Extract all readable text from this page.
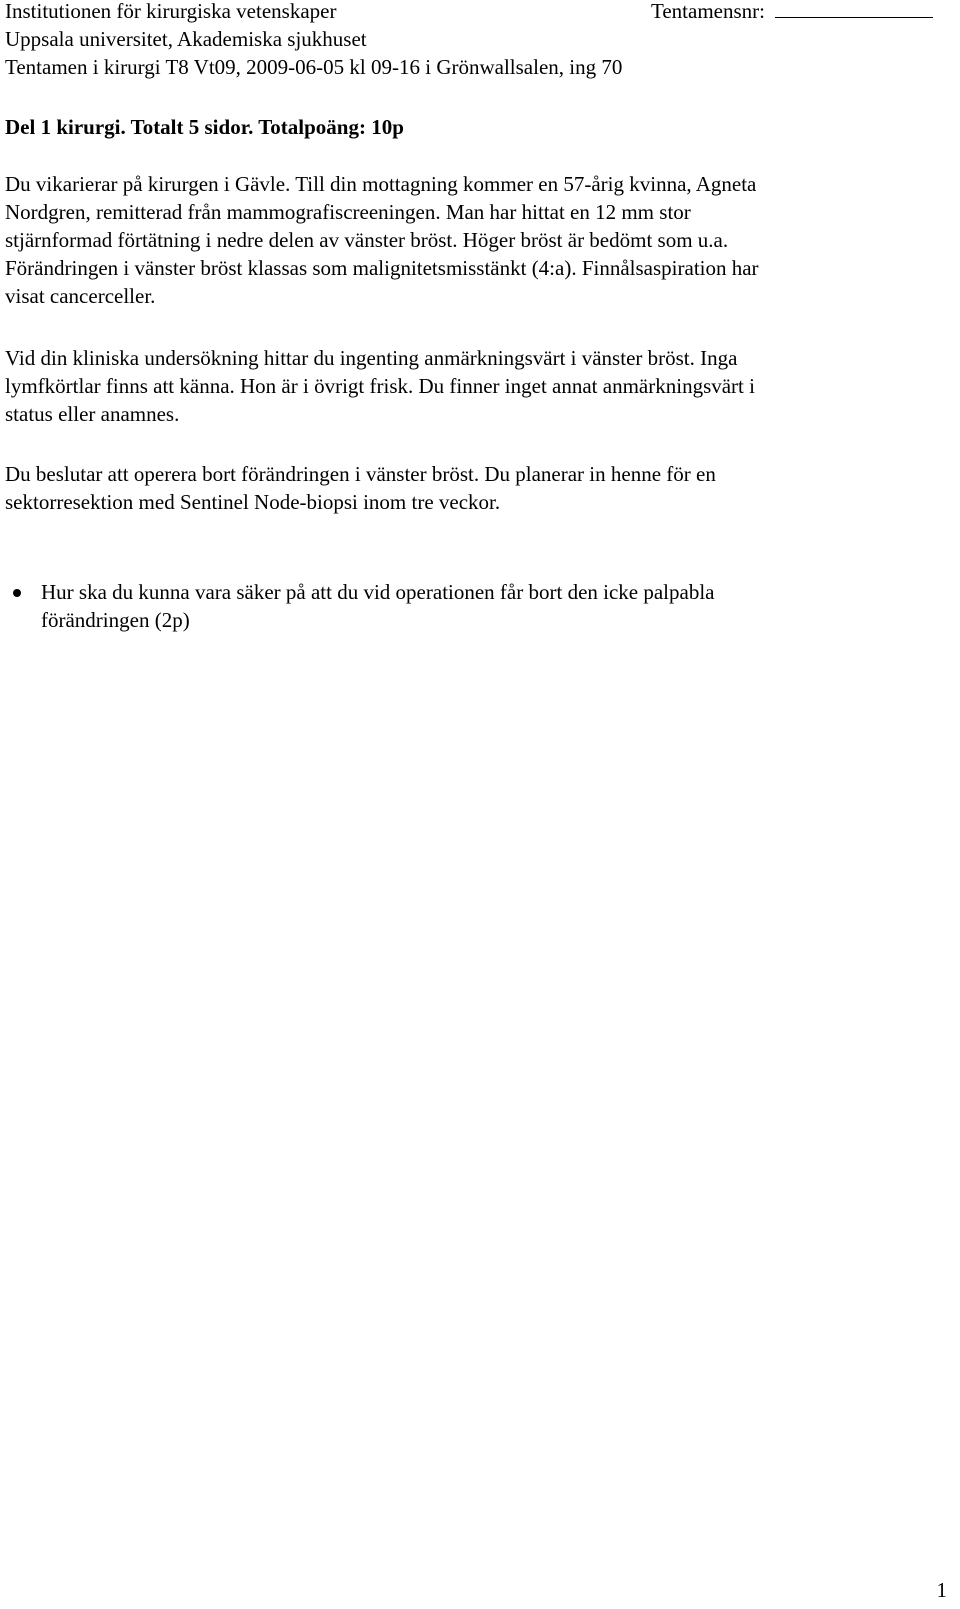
Institutionen för kirurgiska vetenskaper
Uppsala universitet, Akademiska sjukhuset
Tentamen i kirurgi T8 Vt09, 2009-06-05 kl 09-16 i Grönwallsalen, ing 70
Tentamensnr:
Del 1 kirurgi. Totalt 5 sidor. Totalpoäng: 10p
Du vikarierar på kirurgen i Gävle. Till din mottagning kommer en 57-årig kvinna, Agneta
Nordgren, remitterad från mammografiscreeningen. Man har hittat en 12 mm stor
stjärnformad förtätning i nedre delen av vänster bröst. Höger bröst är bedömt som u.a.
Förändringen i vänster bröst klassas som malignitetsmisstänkt (4:a). Finnålsaspiration har
visat cancerceller.
Vid din kliniska undersökning hittar du ingenting anmärkningsvärt i vänster bröst. Inga
lymfkörtlar finns att känna. Hon är i övrigt frisk. Du finner inget annat anmärkningsvärt i
status eller anamnes.
Du beslutar att operera bort förändringen i vänster bröst. Du planerar in henne för en
sektorresektion med Sentinel Node-biopsi inom tre veckor.
Hur ska du kunna vara säker på att du vid operationen får bort den icke palpabla
förändringen (2p)
1
